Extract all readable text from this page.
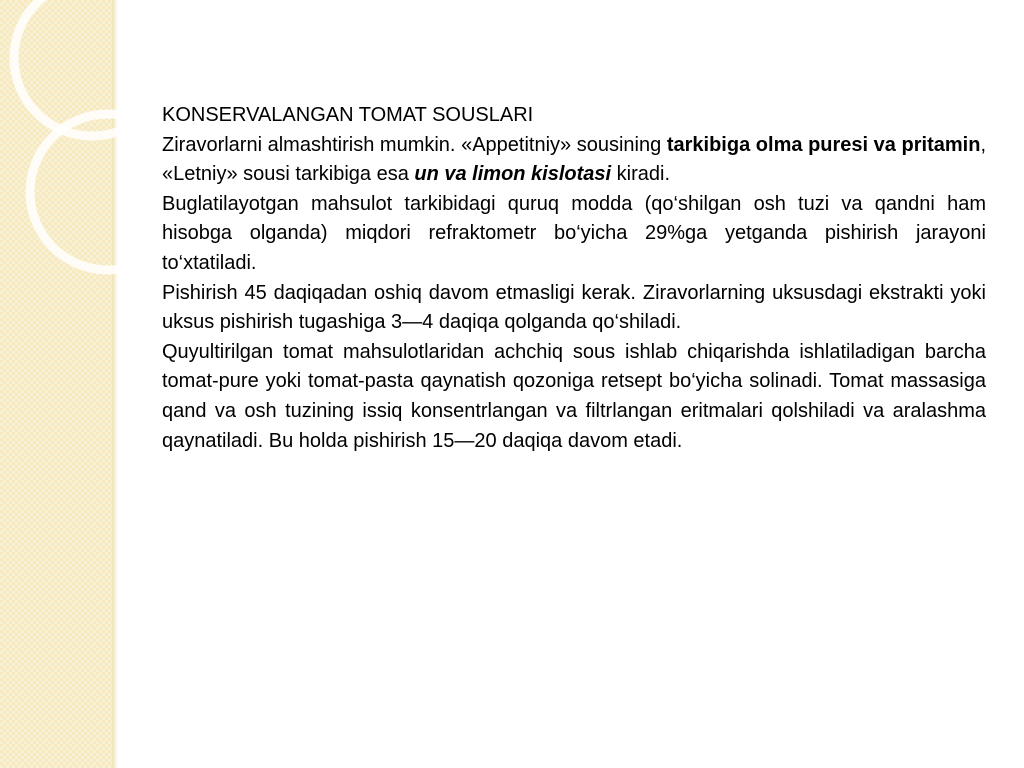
KONSERVALANGAN TOMAT SOUSLARI

Ziravorlarni almashtirish mumkin. «Appetitniy» sousining tarkibiga olma puresi va pritamin, «Letniy» sousi tarkibiga esa un va limon kislotasi kiradi.

Buglatilayotgan mahsulot tarkibidagi quruq modda (qo‘shilgan osh tuzi va qandni ham hisobga olganda) miqdori refraktometr bo‘yicha 29%ga yetganda pishirish jarayoni to‘xtatiladi.

Pishirish 45 daqiqadan oshiq davom etmasligi kerak. Ziravorlarning uksusdagi ekstrakti yoki uksus pishirish tugashiga 3—4 daqiqa qolganda qo‘shiladi.

Quyultirilgan tomat mahsulotlaridan achchiq sous ishlab chiqarishda ishlatiladigan barcha tomat-pure yoki tomat-pasta qaynatish qozoniga retsept bo‘yicha solinadi. Tomat massasiga qand va osh tuzining issiq konsentrlangan va filtrlangan eritmalari qolshiladi va aralashma qaynatiladi. Bu holda pishirish 15—20 daqiqa davom etadi.
